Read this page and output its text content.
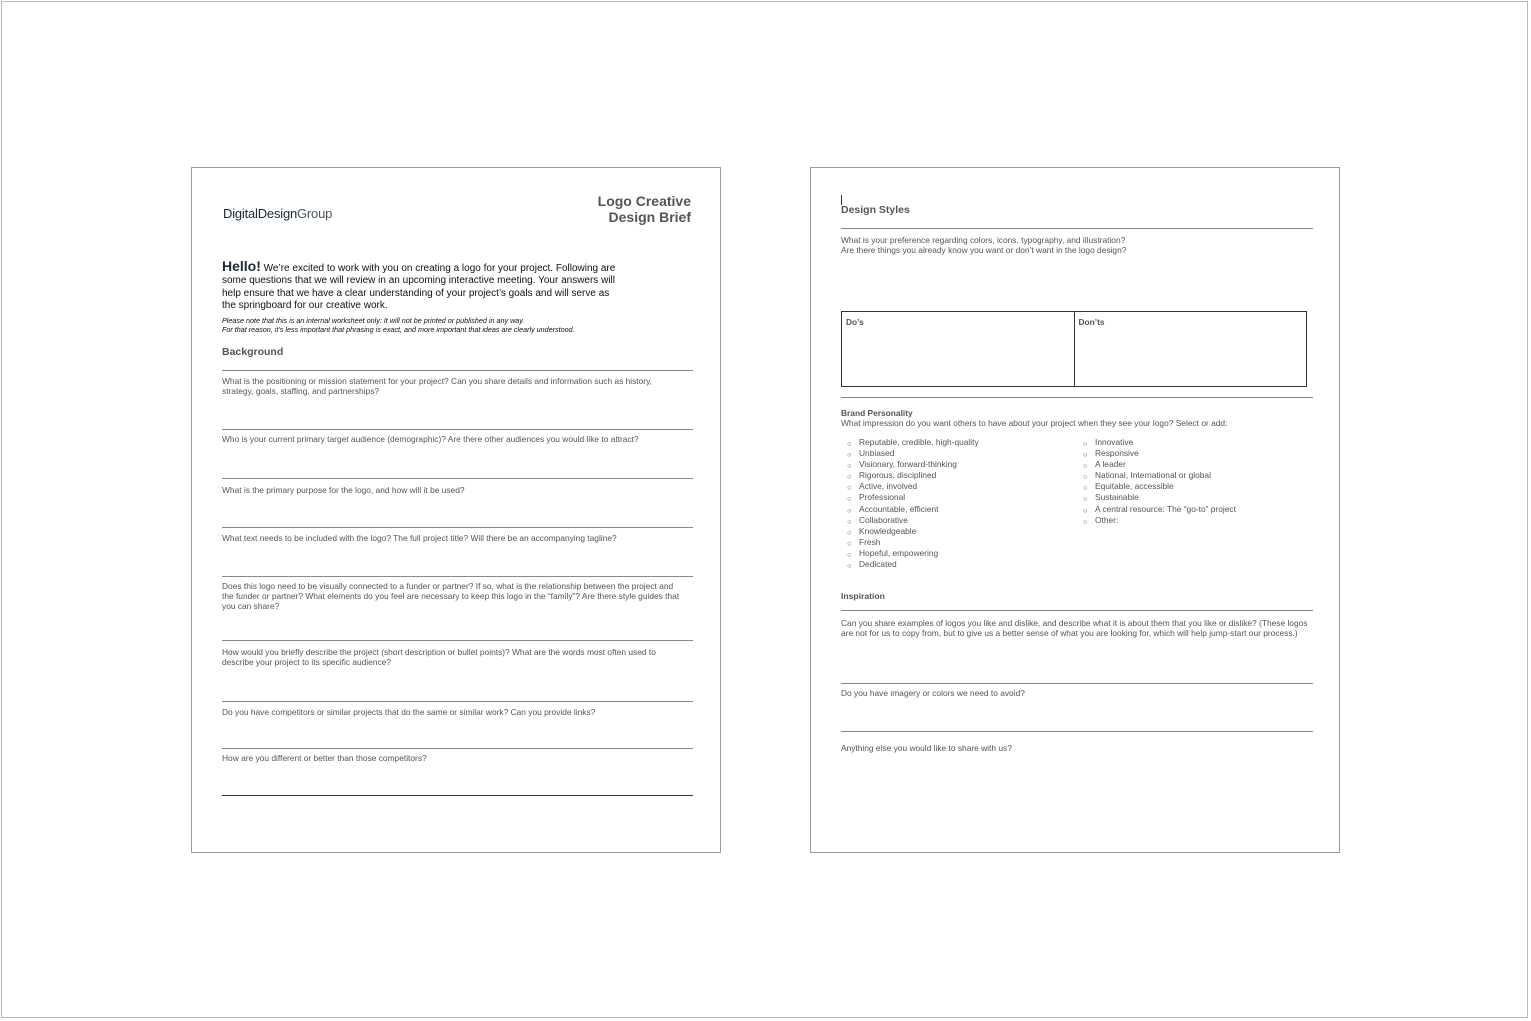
DigitalDesignGroup
Logo Creative
Design Brief
Hello! We’re excited to work with you on creating a logo for your project. Following are some questions that we will review in an upcoming interactive meeting. Your answers will help ensure that we have a clear understanding of your project’s goals and will serve as the springboard for our creative work.
Please note that this is an internal worksheet only: It will not be printed or published in any way.
For that reason, it’s less important that phrasing is exact, and more important that ideas are clearly understood.
Background
What is the positioning or mission statement for your project? Can you share details and information such as history, strategy, goals, staffing, and partnerships?
Who is your current primary target audience (demographic)? Are there other audiences you would like to attract?
What is the primary purpose for the logo, and how will it be used?
What text needs to be included with the logo? The full project title? Will there be an accompanying tagline?
Does this logo need to be visually connected to a funder or partner? If so, what is the relationship between the project and the funder or partner? What elements do you feel are necessary to keep this logo in the “family”? Are there style guides that you can share?
How would you briefly describe the project (short description or bullet points)? What are the words most often used to describe your project to its specific audience?
Do you have competitors or similar projects that do the same or similar work? Can you provide links?
How are you different or better than those competitors?
Design Styles
What is your preference regarding colors, icons, typography, and illustration?
Are there things you already know you want or don’t want in the logo design?
Do’s	Don’ts
Brand Personality
What impression do you want others to have about your project when they see your logo? Select or add:
○ Reputable, credible, high-quality
○ Unbiased
○ Visionary, forward-thinking
○ Rigorous, disciplined
○ Active, involved
○ Professional
○ Accountable, efficient
○ Collaborative
○ Knowledgeable
○ Fresh
○ Hopeful, empowering
○ Dedicated
○ Innovative
○ Responsive
○ A leader
○ National, International or global
○ Equitable, accessible
○ Sustainable
○ A central resource: The “go-to” project
○ Other:
Inspiration
Can you share examples of logos you like and dislike, and describe what it is about them that you like or dislike? (These logos are not for us to copy from, but to give us a better sense of what you are looking for, which will help jump-start our process.)
Do you have imagery or colors we need to avoid?
Anything else you would like to share with us?
